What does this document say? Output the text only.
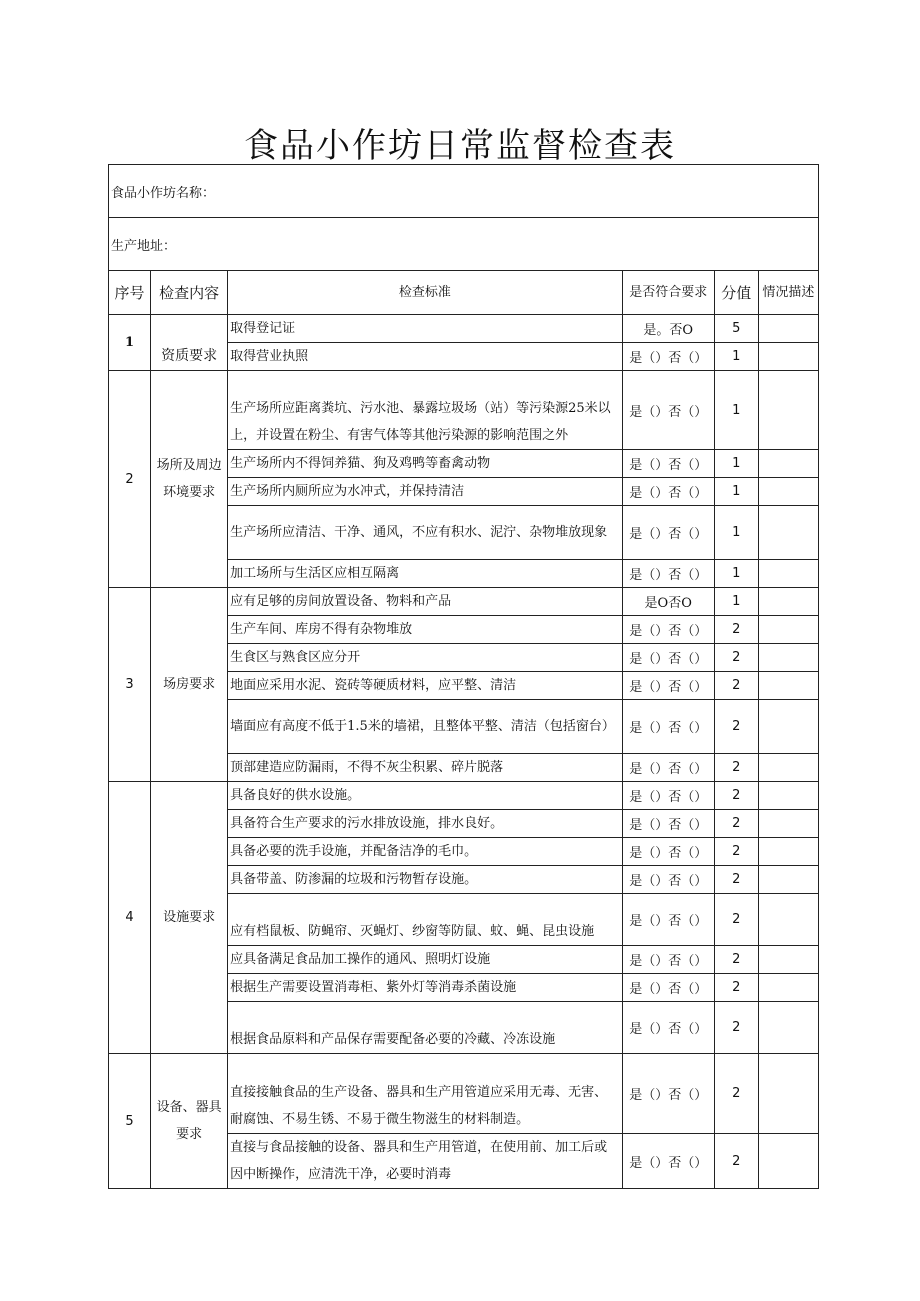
食品小作坊日常监督检查表
食品小作坊名称：					
生产地址：					
序号	检查内容	检查标准	是否符合要求	分值	情况描述
1	资质要求	取得登记证	是。否O	5	
		取得营业执照	是（）否（）	1	
2	场所及周边环境要求	生产场所应距离粪坑、污水池、暴露垃圾场（站）等污染源25米以上，并设置在粉尘、有害气体等其他污染源的影响范围之外	是（）否（）	1	
		生产场所内不得饲养猫、狗及鸡鸭等畜禽动物	是（）否（）	1	
		生产场所内厕所应为水冲式，并保持清洁	是（）否（）	1	
		生产场所应清洁、干净、通风，不应有积水、泥泞、杂物堆放现象	是（）否（）	1	
		加工场所与生活区应相互隔离	是（）否（）	1	
3	场房要求	应有足够的房间放置设备、物料和产品	是O否O	1	
		生产车间、库房不得有杂物堆放	是（）否（）	2	
		生食区与熟食区应分开	是（）否（）	2	
		地面应采用水泥、瓷砖等硬质材料，应平整、清洁	是（）否（）	2	
		墙面应有高度不低于1.5米的墙裙，且整体平整、清洁（包括窗台）	是（）否（）	2	
		顶部建造应防漏雨，不得不灰尘积累、碎片脱落	是（）否（）	2	
4	设施要求	具备良好的供水设施。	是（）否（）	2	
		具备符合生产要求的污水排放设施，排水良好。	是（）否（）	2	
		具备必要的洗手设施，并配备洁净的毛巾。	是（）否（）	2	
		具备带盖、防渗漏的垃圾和污物暂存设施。	是（）否（）	2	
		应有档鼠板、防蝇帘、灭蝇灯、纱窗等防鼠、蚊、蝇、昆虫设施	是（）否（）	2	
		应具备满足食品加工操作的通风、照明灯设施	是（）否（）	2	
		根据生产需要设置消毒柜、紫外灯等消毒杀菌设施	是（）否（）	2	
		根据食品原料和产品保存需要配备必要的冷藏、冷冻设施	是（）否（）	2	
5	设备、器具要求	直接接触食品的生产设备、器具和生产用管道应采用无毒、无害、耐腐蚀、不易生锈、不易于微生物滋生的材料制造。	是（）否（）	2	
		直接与食品接触的设备、器具和生产用管道，在使用前、加工后或因中断操作，应清洗干净，必要时消毒	是（）否（）	2	
